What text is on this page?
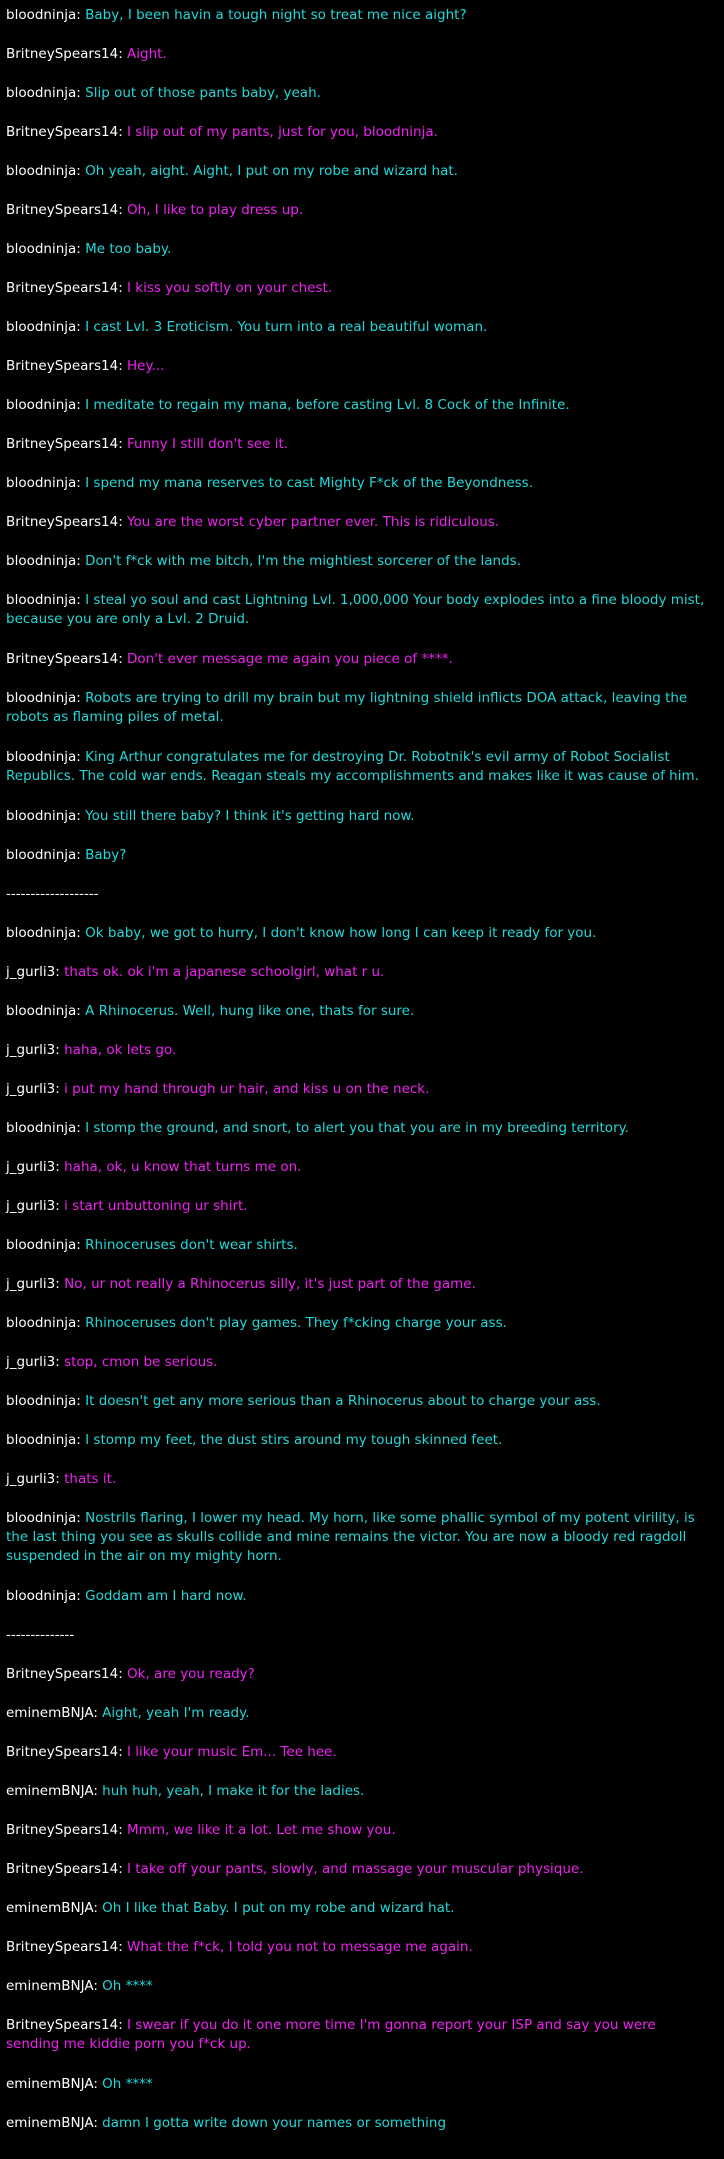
bloodninja: Baby, I been havin a tough night so treat me nice aight?

BritneySpears14: Aight.

bloodninja: Slip out of those pants baby, yeah.

BritneySpears14: I slip out of my pants, just for you, bloodninja.

bloodninja: Oh yeah, aight. Aight, I put on my robe and wizard hat.

BritneySpears14: Oh, I like to play dress up.

bloodninja: Me too baby.

BritneySpears14: I kiss you softly on your chest.

bloodninja: I cast Lvl. 3 Eroticism. You turn into a real beautiful woman.

BritneySpears14: Hey...

bloodninja: I meditate to regain my mana, before casting Lvl. 8 Cock of the Infinite.

BritneySpears14: Funny I still don't see it.

bloodninja: I spend my mana reserves to cast Mighty F*ck of the Beyondness.

BritneySpears14: You are the worst cyber partner ever. This is ridiculous.

bloodninja: Don't f*ck with me bitch, I'm the mightiest sorcerer of the lands.

bloodninja: I steal yo soul and cast Lightning Lvl. 1,000,000 Your body explodes into a fine bloody mist, because you are only a Lvl. 2 Druid.

BritneySpears14: Don't ever message me again you piece of ****.

bloodninja: Robots are trying to drill my brain but my lightning shield inflicts DOA attack, leaving the robots as flaming piles of metal.

bloodninja: King Arthur congratulates me for destroying Dr. Robotnik's evil army of Robot Socialist Republics. The cold war ends. Reagan steals my accomplishments and makes like it was cause of him.

bloodninja: You still there baby? I think it's getting hard now.

bloodninja: Baby?

-------------------

bloodninja: Ok baby, we got to hurry, I don't know how long I can keep it ready for you.

j_gurli3: thats ok. ok i'm a japanese schoolgirl, what r u.

bloodninja: A Rhinocerus. Well, hung like one, thats for sure.

j_gurli3: haha, ok lets go.

j_gurli3: i put my hand through ur hair, and kiss u on the neck.

bloodninja: I stomp the ground, and snort, to alert you that you are in my breeding territory.

j_gurli3: haha, ok, u know that turns me on.

j_gurli3: i start unbuttoning ur shirt.

bloodninja: Rhinoceruses don't wear shirts.

j_gurli3: No, ur not really a Rhinocerus silly, it's just part of the game.

bloodninja: Rhinoceruses don't play games. They f*cking charge your ass.

j_gurli3: stop, cmon be serious.

bloodninja: It doesn't get any more serious than a Rhinocerus about to charge your ass.

bloodninja: I stomp my feet, the dust stirs around my tough skinned feet.

j_gurli3: thats it.

bloodninja: Nostrils flaring, I lower my head. My horn, like some phallic symbol of my potent virility, is the last thing you see as skulls collide and mine remains the victor. You are now a bloody red ragdoll suspended in the air on my mighty horn.

bloodninja: Goddam am I hard now.

--------------

BritneySpears14: Ok, are you ready?

eminemBNJA: Aight, yeah I'm ready.

BritneySpears14: I like your music Em... Tee hee.

eminemBNJA: huh huh, yeah, I make it for the ladies.

BritneySpears14: Mmm, we like it a lot. Let me show you.

BritneySpears14: I take off your pants, slowly, and massage your muscular physique.

eminemBNJA: Oh I like that Baby. I put on my robe and wizard hat.

BritneySpears14: What the f*ck, I told you not to message me again.

eminemBNJA: Oh ****

BritneySpears14: I swear if you do it one more time I'm gonna report your ISP and say you were sending me kiddie porn you f*ck up.

eminemBNJA: Oh ****

eminemBNJA: damn I gotta write down your names or something
